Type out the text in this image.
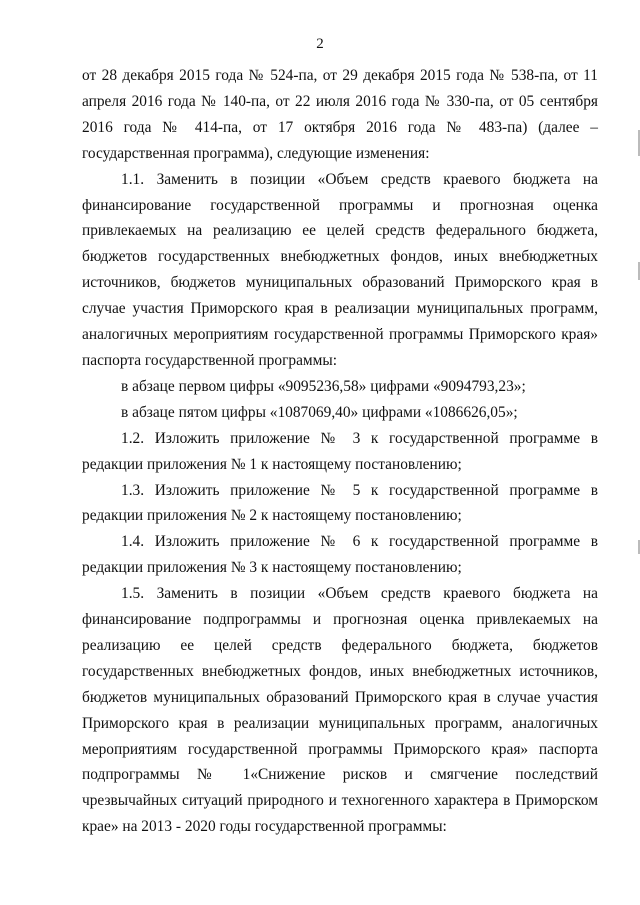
2

от 28 декабря 2015 года № 524-па, от 29 декабря 2015 года № 538-па, от 11 апреля 2016 года № 140-па, от 22 июля 2016 года № 330-па, от 05 сентября 2016 года № 414-па, от 17 октября 2016 года № 483-па) (далее – государственная программа), следующие изменения:

1.1. Заменить в позиции «Объем средств краевого бюджета на финансирование государственной программы и прогнозная оценка привлекаемых на реализацию ее целей средств федерального бюджета, бюджетов государственных внебюджетных фондов, иных внебюджетных источников, бюджетов муниципальных образований Приморского края в случае участия Приморского края в реализации муниципальных программ, аналогичных мероприятиям государственной программы Приморского края» паспорта государственной программы:

в абзаце первом цифры «9095236,58» цифрами «9094793,23»;

в абзаце пятом цифры «1087069,40» цифрами «1086626,05»;

1.2. Изложить приложение № 3 к государственной программе в редакции приложения № 1 к настоящему постановлению;

1.3. Изложить приложение № 5 к государственной программе в редакции приложения № 2 к настоящему постановлению;

1.4. Изложить приложение № 6 к государственной программе в редакции приложения № 3 к настоящему постановлению;

1.5. Заменить в позиции «Объем средств краевого бюджета на финансирование подпрограммы и прогнозная оценка привлекаемых на реализацию ее целей средств федерального бюджета, бюджетов государственных внебюджетных фондов, иных внебюджетных источников, бюджетов муниципальных образований Приморского края в случае участия Приморского края в реализации муниципальных программ, аналогичных мероприятиям государственной программы Приморского края» паспорта подпрограммы № 1«Снижение рисков и смягчение последствий чрезвычайных ситуаций природного и техногенного характера в Приморском крае» на 2013 - 2020 годы государственной программы:
